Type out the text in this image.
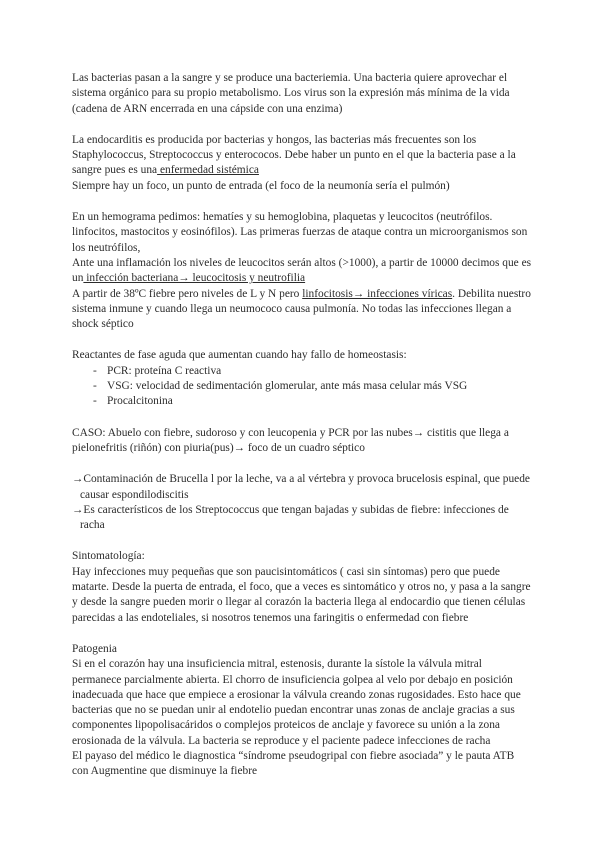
Las bacterias pasan a la sangre y se produce una bacteriemia. Una bacteria quiere aprovechar el sistema orgánico para su propio metabolismo. Los virus son la expresión más mínima de la vida (cadena de ARN encerrada en una cápside con una enzima)

La endocarditis es producida por bacterias y hongos, las bacterias más frecuentes son los Staphylococcus, Streptococcus y enterococos. Debe haber un punto en el que la bacteria pase a la sangre pues es una enfermedad sistémica

Siempre hay un foco, un punto de entrada (el foco de la neumonía sería el pulmón)

En un hemograma pedimos: hematíes y su hemoglobina, plaquetas y leucocitos (neutrófilos. linfocitos, mastocitos y eosinófilos). Las primeras fuerzas de ataque contra un microorganismos son los neutrófilos,

Ante una inflamación los niveles de leucocitos serán altos (>1000), a partir de 10000 decimos que es un infección bacteriana→ leucocitosis y neutrofilia

A partir de 38ºC fiebre pero niveles de L y N pero linfocitosis→ infecciones víricas. Debilita nuestro sistema inmune y cuando llega un neumococo causa pulmonía. No todas las infecciones llegan a shock séptico

Reactantes de fase aguda que aumentan cuando hay fallo de homeostasis:

- PCR: proteína C reactiva
- VSG: velocidad de sedimentación glomerular, ante más masa celular más VSG
- Procalcitonina

CASO: Abuelo con fiebre, sudoroso y con leucopenia y PCR por las nubes→ cistitis que llega a pielonefritis (riñón) con piuria(pus)→ foco de un cuadro séptico

→Contaminación de Brucella l por la leche, va a al vértebra y provoca brucelosis espinal, que puede causar espondilodiscitis

→Es característicos de los Streptococcus que tengan bajadas y subidas de fiebre: infecciones de racha

Sintomatología:

Hay infecciones muy pequeñas que son paucisintomáticos ( casi sin síntomas) pero que puede matarte. Desde la puerta de entrada, el foco, que a veces es sintomático y otros no, y pasa a la sangre y desde la sangre pueden morir o llegar al corazón la bacteria llega al endocardio que tienen células parecidas a las endoteliales, si nosotros tenemos una faringitis o enfermedad con fiebre

Patogenia

Si en el corazón hay una insuficiencia mitral, estenosis, durante la sístole la válvula mitral permanece parcialmente abierta. El chorro de insuficiencia golpea al velo por debajo en posición inadecuada que hace que empiece a erosionar la válvula creando zonas rugosidades. Esto hace que bacterias que no se puedan unir al endotelio puedan encontrar unas zonas de anclaje gracias a sus componentes lipopolisacáridos o complejos proteicos de anclaje y favorece su unión a la zona erosionada de la válvula. La bacteria se reproduce y el paciente padece infecciones de racha

El payaso del médico le diagnostica “síndrome pseudogripal con fiebre asociada” y le pauta ATB con Augmentine que disminuye la fiebre
